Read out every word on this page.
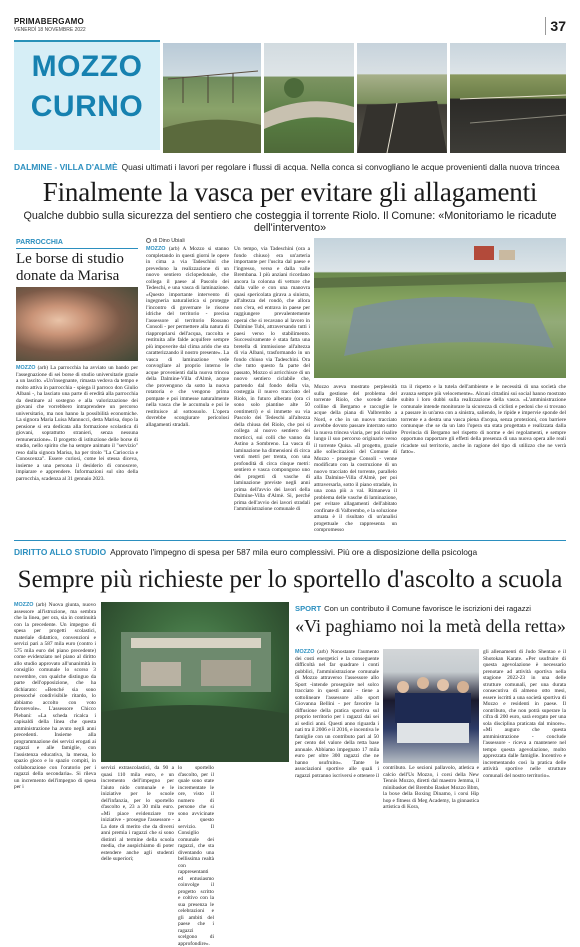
PRIMABERGAMO
VENERDÌ 18 NOVEMBRE 2022	37
MOZZO
CURNO
DALMINE - VILLA D'ALMÈ Quasi ultimati i lavori per regolare i flussi di acqua. Nella conca si convogliano le acque provenienti dalla nuova trincea
Finalmente la vasca per evitare gli allagamenti
Qualche dubbio sulla sicurezza del sentiero che costeggia il torrente Riolo. Il Comune: «Monitoriamo le ricadute dell'intervento»
PARROCCHIA
Le borse di studio donate da Marisa
MOZZO (arb) La parrocchia ha avviato un bando per l'assegnazione di sei borse di studio universitarie grazie a un lascito. «Un'insegnante, rimasta vedova da tempo e molto attiva in parrocchia - spiega il parroco don Giulio Albani -, ha lasciato una parte di eredità alla parrocchia da destinare al sostegno e alla valorizzazione dei giovani che vorrebbero intraprendere un percorso universitario, ma non hanno la possibilità economiche. La signora Maria Luisa Mannucci, detta Marisa, dopo la pensione si era dedicata alla formazione scolastica di giovani, soprattutto stranieri, senza nessuna remunerazione». Il progetto di istituzione delle borse di studio, nello spirito che ha sempre animato il "servizio" reso dalla signora Marisa, ha per titolo "La Carioccia e Conoscenza". Essere curiosi, come lei stessa diceva, insieme a una persona il desiderio di conoscere, impiarare e apprendere. Informazioni sul sito della parrocchia, scadenza al 31 gennaio 2023.
di Dino Ubiali
MOZZO (arb) A Mozzo si stanno completando in questi giorni le opere in cima a via Tadeschini che prevedono la realizzazione di un nuovo sentiero ciclopedonale, che collega il paese al Pascolo dei Tedeschi, e una vasca di laminazione. «Questo importante intervento di ingegneria naturalistica si protegge l'incontro di governare le risorse idriche del territorio - precisa l'assessore al territorio Rossano Consoli - per permettere alla natura di riappropriarsi dell'acqua, raccolta e restituita alle falde acquifere sempre più impoverite dal clima arido che sta caratterizzando il nostro presente». La vasca di laminazione vede convogliare al proprio interno le acque provenienti dalla nuova trincea della Dalmine-Villa d'Almè, acque che provengono da sotto la nuova rotatoria e che vengono prima pompate e poi immesse naturalmente nella vasca che le accumula e poi le restituisce al sottosuolo. L'opera dovrebbe scongiurare pericolosi allagamenti stradali.
Un tempo, via Tadeschini (ora a fondo chiuso) era un'arteria importante per l'uscita dal paese e l'ingresso, verso e dalla valle Brembana. I più anziani ricordano ancora la colonna di vetture che dalla valle e con una manovra quasi spericolata girava a sinistra, all'altezza del rondò, che allora non c'era, ed entrava in paese per raggiungere prevalentemente operai che si recavano al lavoro in Dalmine Tubi, attraversando tutti i paesi verso lo stabilimento. Successivamente è stata fatta una bretella di immissione all'altezza di via Albani, trasformando in un fondo chiuso via Tadeschini. Ora che tutto questo fa parte del passato, Mozzo si arricchisce di un nuovo sentiero ciclabile che, partendo dal fondo della via, costeggia il nuovo tracciato del Riolo, in futuro alberato (ora ci sono solo piantine alte 50 centimetri) e si immette su via Pascolo dei Tedeschi all'altezza della chiusa del Riolo, che poi si collega al nuovo sentiero dei morticci, sui colli che vanno da Astino a Sombreno. La vasca di laminazione ha dimensioni di circa venti metri per trenta, con una profondità di circa cinque metri: sentiero e vasca compongono uno dei progetti di vasche di laminazione previste negli anni prima dell'avvio dei lavori della Dalmine-Villa d'Almè. Si, perché prima dell'avvio dei lavori stradali l'amministrazione comunale di
Mozzo aveva mostrato perplessità sulla gestione del problema del torrente Riolo, che scende dalle colline di Bergamo e raccoglie le acque della piana di Valbrembo a Nord, e che in un nuovo tracciato avrebbe dovuto passare interrato sotto la nuova trincea viaria, per poi risalire lungo il suo percorso originario verso il torrente Quisa. «Il progetto, grazie alle sollecitazioni del Comune di Mozzo - prosegue Consoli - venne modificato con la costruzione di un nuovo tracciato del torrente, parallelo alla Dalmine-Villa d'Almè, per poi attraversarla, sotto il piano stradale, in una zona più a val. Rimaneva il problema delle vasche di laminazione, per evitare allagamenti dell'abitato confinate di Valbrembo, e la soluzione attuata è il risultato di un'analisi progettuale che rappresenta un compromesso
tra il rispetto e la tutela dell'ambiente e le necessità di una società che avanza sempre più velocemente». Alcuni cittadini sui social hanno mostrato subito i loro dubbi sulla realizzazione della vasca. «L'amministrazione comunale intende monitorare la sicurezza di ciclisti e pedoni che si trovano a passare in un'area con a sinistra, saliendo, le ripide e impervie sponde del torrente e a destra una vasca piena d'acqua, senza protezioni, con barriere comunque che se da un lato l'opera sta stata progettata e realizzata dalla Provincia di Bergamo nel rispetto di norme e dei regolamenti, e sempre opportuno rapportare gli effetti della presenza di una nuova opera alle reali ricadute sul territorio, anche in ragione del tipo di utilizzo che ne verrà fatto».
DIRITTO ALLO STUDIO Approvato l'impegno di spesa per 587 mila euro complessivi. Più ore a disposizione della psicologa
Sempre più richieste per lo sportello d'ascolto a scuola
MOZZO (arb) Nuova giunta, nuovo assessore all'istruzione, ma sembra che la linea, per ora, sia in continuità con la precedente. Un impegno di spesa per progetti scolastici, materiale didattico, convenzioni e servizi pari a 587 mila euro (contro i 575 mila euro del piano precedente) come evidenziato nel piano al diritto allo studio approvato all'unanimità in consiglio comunale lo scorso 3 novembre, con qualche distinguo da parte dell'opposizione, che ha dichiarato: «Benché sia sono pressoché condivisibile ritardo, lo abbiamo accolto con voto favorevole». L'assessore Chicco Plebani: «La scheda ricalca i capisaldi della linea che questa amministrazione ha avuto negli anni precedenti. Insieme alla programmazione dei servizi erogati ai ragazzi e alle famiglie, con l'assistenza educativa, la mensa, lo spazio gioco e lo spazio compiti, in collaborazione con l'oratorio per i ragazzi della secondaria». Si rileva un incremento dell'impegno di spesa per i
servizi extrascolastici, da 90 a quasi 110 mila euro, e un incremento dell'impegno per l'aiuto nido comunale e le iniziative per le scuole dell'infanzia, per lo sportello d'ascolto e, 23 a 30 mila euro. «Mi piace evidenziare tre iniziative - prosegue l'assessore - La dote di merito che da diversi anni premia i ragazzi che si sono distinti al termine della scuola media, che auspichiamo di poter estendere anche agli studenti delle superiori;
lo sportello d'ascolto, per il quale sono state incrementate le ore, visto il numero di persone che si sono avvicinate a questo servizio. Il Consiglio comunale dei ragazzi, che sta diventando una bellissima realtà con rappresentanti ed entusiasmo coinvolge il progetto scritto e coltivo con la sua presenza le celebrazioni e gli ambiti del paese che i ragazzi scelgono di approfondire».
SPORT Con un contributo il Comune favorisce le iscrizioni dei ragazzi
«Vi paghiamo noi la metà della retta»
MOZZO (arb) Nonostante l'aumento dei costi energetici e la conseguente difficoltà nel far quadrare i conti pubblici, l'amministrazione comunale di Mozzo attraverso l'assessore allo Sport -intende proseguire nel solco tracciato in questi anni - tiene a sottolineare l'assessore allo sport Giovanna Bellini - per favorire la diffusione della pratica sportiva sul proprio territorio per i ragazzi dai sei ai sedici anni. Questi anno riguarda i nati tra il 2006 e il 2016, e incentiva le famiglie con un contributo pari al 50 per cento del valore della retta base annuale. Abbiamo impegnato 17 mila euro per oltre 300 ragazzi che ne hanno usufruito». Tante le associazioni sportive alle quali i ragazzi potranno iscriversi e ottenere il
contributo. Le sezioni pallavolo, atletica e calcio dell'Us Mozzo, i corsi della New Tennis Mozzo, diretti dal maestro Jemma, il minibasket del Brembo Basket Mozzo Bbm, la boxe della Boxing Dinamo, i corsi Hip hop e fitness di Meg Academy, la ginnastica artistica di Kora,
gli allenamenti di Judo Shentao e il Shotokan Karate. «Per usufruire di questa agevolazione è necessario prenotare ad attività sportiva nella stagione 2022-23 in una delle strutture comunali, per una durata consecutiva di almeno otto mesi, essere iscritti a una società sportiva di Mozzo e residenti in paese. Il contributo, che non potrà superare la cifra di 200 euro, sarà erogato per una sola disciplina praticata dal minore». «Mi auguro che questa amministrazione - conclude l'assessore - riceva a mantenere nel tempo questa agevolazione, molto apprezzata dalle famiglie. Incentivo e incrementando così la pratica delle attività sportive nelle strutture comunali del nostro territorio».
